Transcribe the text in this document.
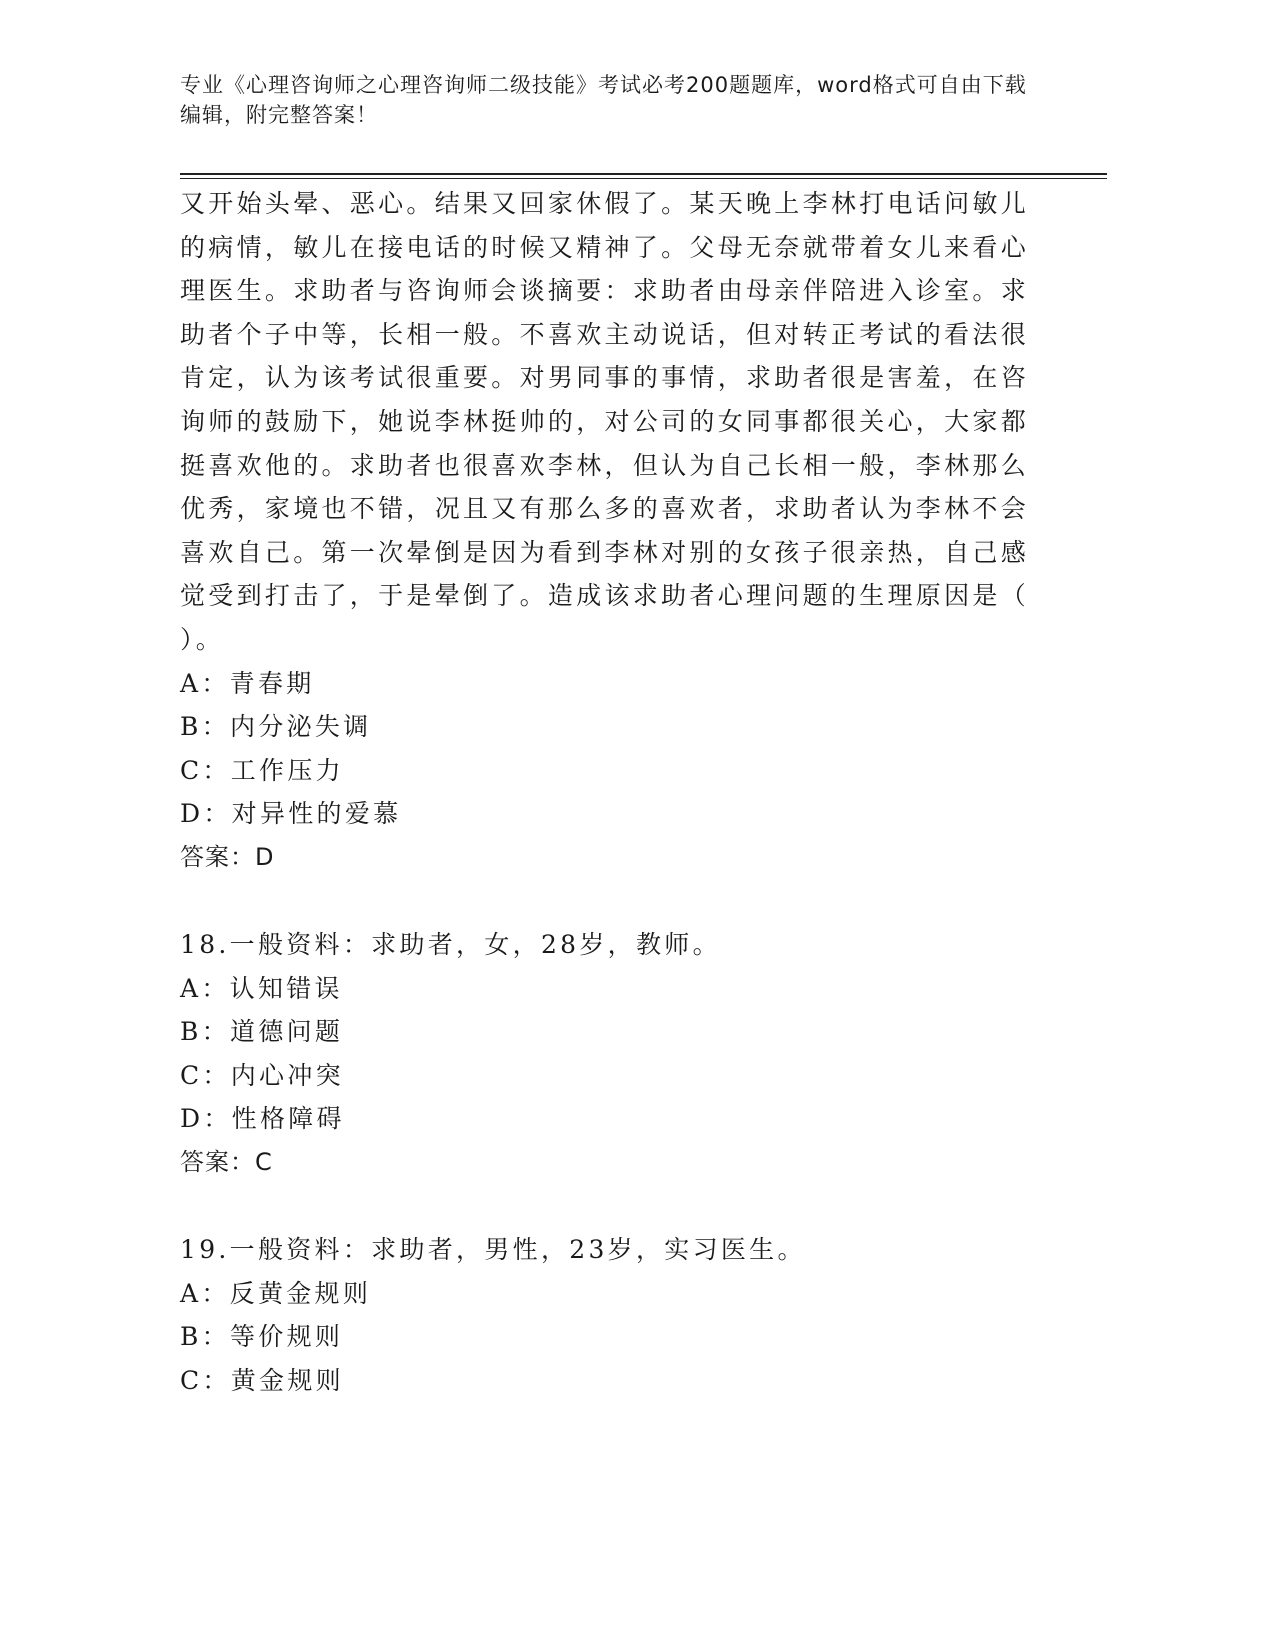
专业《心理咨询师之心理咨询师二级技能》考试必考200题题库，word格式可自由下载编辑，附完整答案！
又开始头晕、恶心。结果又回家休假了。某天晚上李林打电话问敏儿
的病情，敏儿在接电话的时候又精神了。父母无奈就带着女儿来看心
理医生。求助者与咨询师会谈摘要：求助者由母亲伴陪进入诊室。求
助者个子中等，长相一般。不喜欢主动说话，但对转正考试的看法很
肯定，认为该考试很重要。对男同事的事情，求助者很是害羞，在咨
询师的鼓励下，她说李林挺帅的，对公司的女同事都很关心，大家都
挺喜欢他的。求助者也很喜欢李林，但认为自己长相一般，李林那么
优秀，家境也不错，况且又有那么多的喜欢者，求助者认为李林不会
喜欢自己。第一次晕倒是因为看到李林对别的女孩子很亲热，自己感
觉受到打击了，于是晕倒了。造成该求助者心理问题的生理原因是（
）。
A：青春期
B：内分泌失调
C：工作压力
D：对异性的爱慕
答案：D
18.一般资料：求助者，女，28岁，教师。
A：认知错误
B：道德问题
C：内心冲突
D：性格障碍
答案：C
19.一般资料：求助者，男性，23岁，实习医生。
A：反黄金规则
B：等价规则
C：黄金规则
